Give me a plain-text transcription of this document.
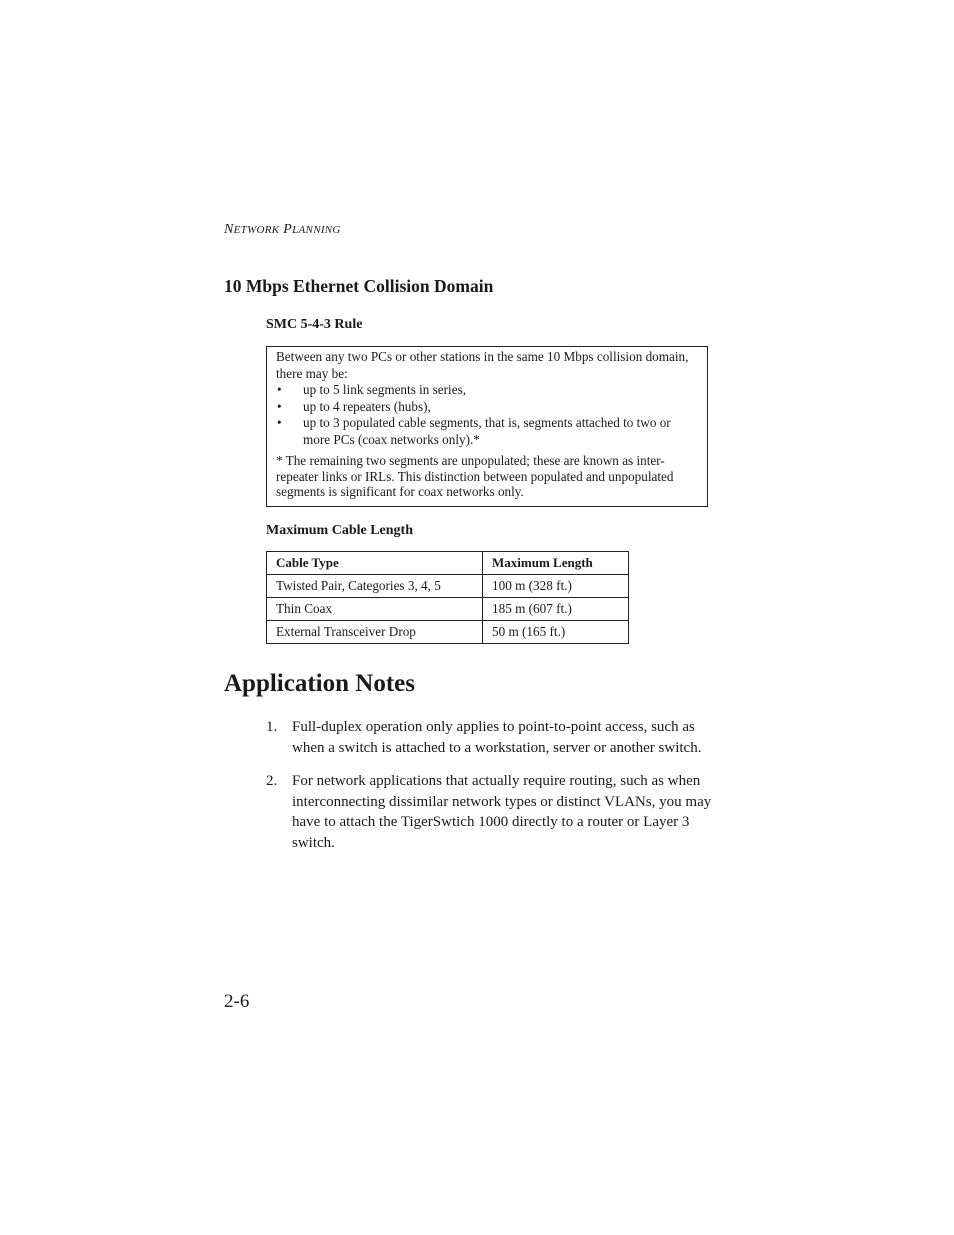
NETWORK PLANNING
10 Mbps Ethernet Collision Domain
SMC 5-4-3 Rule
Between any two PCs or other stations in the same 10 Mbps collision domain, there may be:
• up to 5 link segments in series,
• up to 4 repeaters (hubs),
• up to 3 populated cable segments, that is, segments attached to two or more PCs (coax networks only).*
* The remaining two segments are unpopulated; these are known as inter-repeater links or IRLs. This distinction between populated and unpopulated segments is significant for coax networks only.
Maximum Cable Length
Cable Type	Maximum Length
Twisted Pair, Categories 3, 4, 5	100 m (328 ft.)
Thin Coax	185 m (607 ft.)
External Transceiver Drop	50 m (165 ft.)
Application Notes
1. Full-duplex operation only applies to point-to-point access, such as when a switch is attached to a workstation, server or another switch.
2. For network applications that actually require routing, such as when interconnecting dissimilar network types or distinct VLANs, you may have to attach the TigerSwtich 1000 directly to a router or Layer 3 switch.
2-6
